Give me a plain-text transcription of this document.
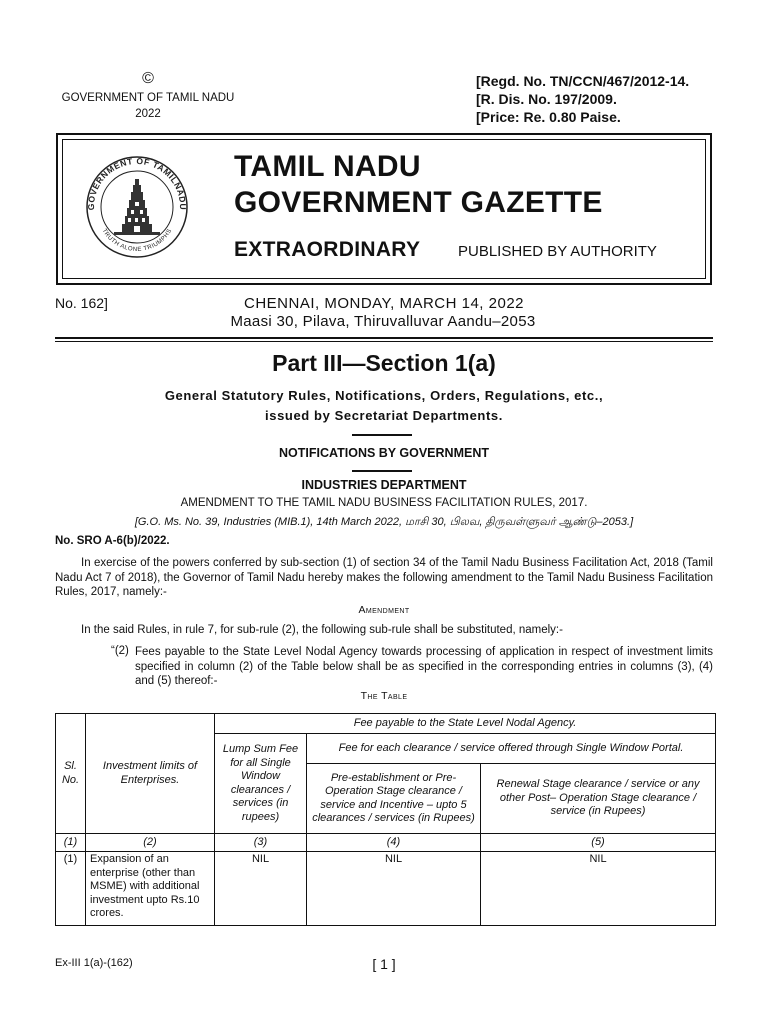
©
GOVERNMENT OF TAMIL NADU
2022
[Regd. No. TN/CCN/467/2012-14.
[R. Dis. No. 197/2009.
[Price: Re. 0.80 Paise.
GOVERNMENT OF TAMILNADU
TRUTH ALONE TRIUMPHS
TAMIL NADU
GOVERNMENT GAZETTE
EXTRAORDINARY	PUBLISHED BY AUTHORITY
No. 162]	CHENNAI, MONDAY, MARCH 14, 2022
Maasi 30, Pilava, Thiruvalluvar Aandu–2053
Part III—Section 1(a)
General Statutory Rules, Notifications, Orders, Regulations, etc.,
issued by Secretariat Departments.
NOTIFICATIONS BY GOVERNMENT
INDUSTRIES DEPARTMENT
AMENDMENT TO THE TAMIL NADU BUSINESS FACILITATION RULES, 2017.
[G.O. Ms. No. 39, Industries (MIB.1), 14th March 2022, மாசி 30, பிலவ, திருவள்ளுவர் ஆண்டு–2053.]
No. SRO A-6(b)/2022.
In exercise of the powers conferred by sub-section (1) of section 34 of the Tamil Nadu Business Facilitation Act, 2018 (Tamil Nadu Act 7 of 2018), the Governor of Tamil Nadu hereby makes the following amendment to the Tamil Nadu Business Facilitation Rules, 2017, namely:-
Amendment
In the said Rules, in rule 7, for sub-rule (2), the following sub-rule shall be substituted, namely:-
“(2) Fees payable to the State Level Nodal Agency towards processing of application in respect of investment limits specified in column (2) of the Table below shall be as specified in the corresponding entries in columns (3), (4) and (5) thereof:-
The Table
Sl. No.	Investment limits of Enterprises.	Fee payable to the State Level Nodal Agency.		
		Lump Sum Fee for all Single Window clearances / services (in rupees)	Fee for each clearance / service offered through Single Window Portal.	
			Pre-establishment or Pre-Operation Stage clearance / service and Incentive – upto 5 clearances / services (in Rupees)	Renewal Stage clearance / service or any other Post– Operation Stage clearance / service (in Rupees)
(1)	(2)	(3)	(4)	(5)
(1)	Expansion of an enterprise (other than MSME) with additional investment upto Rs.10 crores.	NIL	NIL	NIL
Ex-III 1(a)-(162)	[ 1 ]
